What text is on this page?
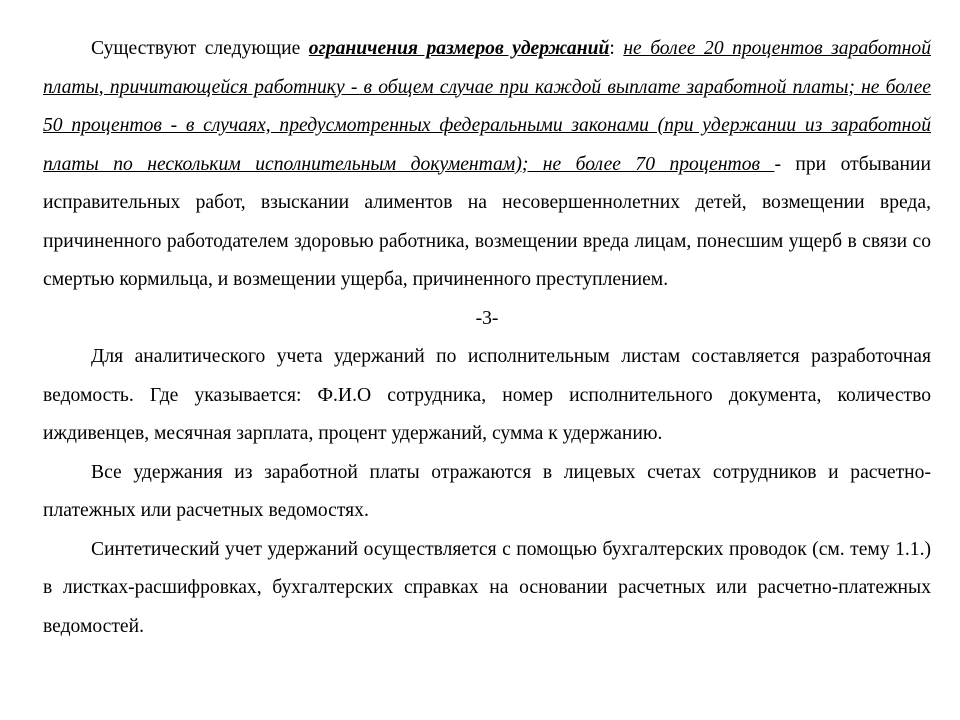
Существуют следующие ограничения размеров удержаний: не более 20 процентов заработной платы, причитающейся работнику - в общем случае при каждой выплате заработной платы; не более 50 процентов - в случаях, предусмотренных федеральными законами (при удержании из заработной платы по нескольким исполнительным документам); не более 70 процентов - при отбывании исправительных работ, взыскании алиментов на несовершеннолетних детей, возмещении вреда, причиненного работодателем здоровью работника, возмещении вреда лицам, понесшим ущерб в связи со смертью кормильца, и возмещении ущерба, причиненного преступлением.

-3-

Для аналитического учета удержаний по исполнительным листам составляется разработочная ведомость. Где указывается: Ф.И.О сотрудника, номер исполнительного документа, количество иждивенцев, месячная зарплата, процент удержаний, сумма к удержанию.

Все удержания из заработной платы отражаются в лицевых счетах сотрудников и расчетно-платежных или расчетных ведомостях.

Синтетический учет удержаний осуществляется с помощью бухгалтерских проводок (см. тему 1.1.) в листках-расшифровках, бухгалтерских справках на основании расчетных или расчетно-платежных ведомостей.
